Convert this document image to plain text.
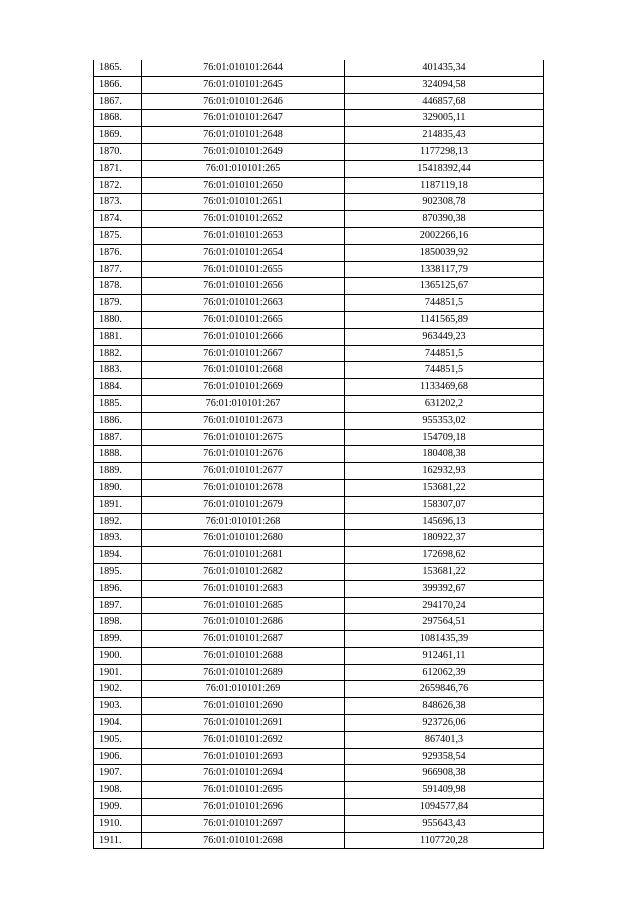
1865.	76:01:010101:2644	401435,34
1866.	76:01:010101:2645	324094,58
1867.	76:01:010101:2646	446857,68
1868.	76:01:010101:2647	329005,11
1869.	76:01:010101:2648	214835,43
1870.	76:01:010101:2649	1177298,13
1871.	76:01:010101:265	15418392,44
1872.	76:01:010101:2650	1187119,18
1873.	76:01:010101:2651	902308,78
1874.	76:01:010101:2652	870390,38
1875.	76:01:010101:2653	2002266,16
1876.	76:01:010101:2654	1850039,92
1877.	76:01:010101:2655	1338117,79
1878.	76:01:010101:2656	1365125,67
1879.	76:01:010101:2663	744851,5
1880.	76:01:010101:2665	1141565,89
1881.	76:01:010101:2666	963449,23
1882.	76:01:010101:2667	744851,5
1883.	76:01:010101:2668	744851,5
1884.	76:01:010101:2669	1133469,68
1885.	76:01:010101:267	631202,2
1886.	76:01:010101:2673	955353,02
1887.	76:01:010101:2675	154709,18
1888.	76:01:010101:2676	180408,38
1889.	76:01:010101:2677	162932,93
1890.	76:01:010101:2678	153681,22
1891.	76:01:010101:2679	158307,07
1892.	76:01:010101:268	145696,13
1893.	76:01:010101:2680	180922,37
1894.	76:01:010101:2681	172698,62
1895.	76:01:010101:2682	153681,22
1896.	76:01:010101:2683	399392,67
1897.	76:01:010101:2685	294170,24
1898.	76:01:010101:2686	297564,51
1899.	76:01:010101:2687	1081435,39
1900.	76:01:010101:2688	912461,11
1901.	76:01:010101:2689	612062,39
1902.	76:01:010101:269	2659846,76
1903.	76:01:010101:2690	848626,38
1904.	76:01:010101:2691	923726,06
1905.	76:01:010101:2692	867401,3
1906.	76:01:010101:2693	929358,54
1907.	76:01:010101:2694	966908,38
1908.	76:01:010101:2695	591409,98
1909.	76:01:010101:2696	1094577,84
1910.	76:01:010101:2697	955643,43
1911.	76:01:010101:2698	1107720,28
